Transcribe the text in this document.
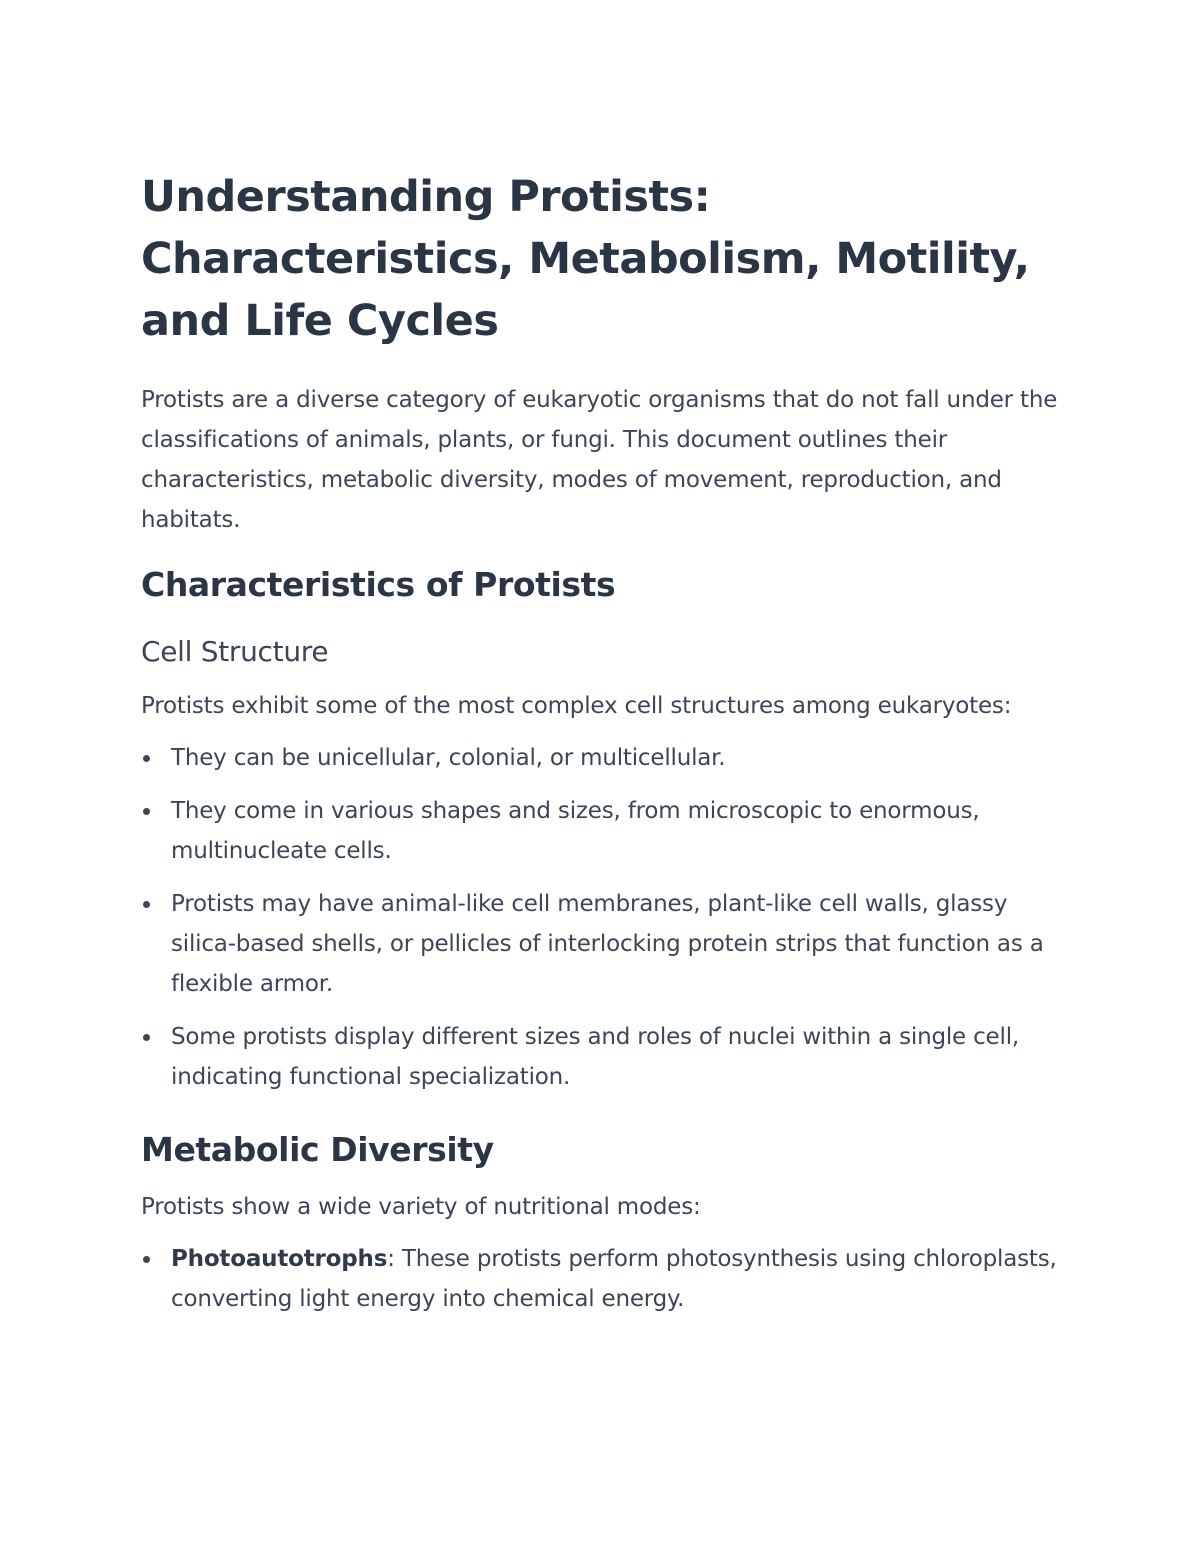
Understanding Protists: Characteristics, Metabolism, Motility, and Life Cycles

Protists are a diverse category of eukaryotic organisms that do not fall under the classifications of animals, plants, or fungi. This document outlines their characteristics, metabolic diversity, modes of movement, reproduction, and habitats.

Characteristics of Protists
Cell Structure

Protists exhibit some of the most complex cell structures among eukaryotes:

They can be unicellular, colonial, or multicellular.
They come in various shapes and sizes, from microscopic to enormous, multinucleate cells.
Protists may have animal-like cell membranes, plant-like cell walls, glassy silica-based shells, or pellicles of interlocking protein strips that function as a flexible armor.
Some protists display different sizes and roles of nuclei within a single cell, indicating functional specialization.
Metabolic Diversity

Protists show a wide variety of nutritional modes:

Photoautotrophs: These protists perform photosynthesis using chloroplasts, converting light energy into chemical energy.
